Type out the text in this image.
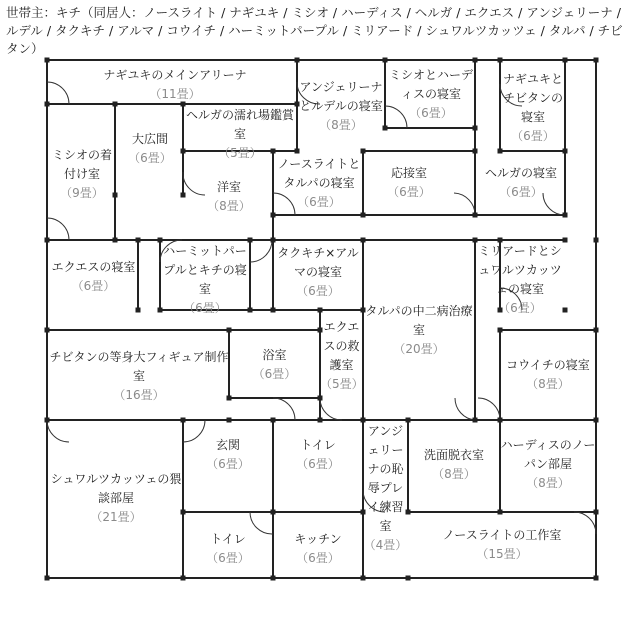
世帯主：キチ（同居人：ノースライト / ナギユキ / ミシオ / ハーディス / ヘルガ / エクエス / アンジェリーナ / ルデル / タクキチ / アルマ / コウイチ / ハーミットパープル / ミリアード / シュワルツカッツェ / タルパ / チビタン）
ナギユキのメインアリーナ
（11畳）	アンジェリーナとルデルの寝室
（8畳）
ミシオとハーディスの寝室
（6畳）
ナギユキとチビタンの寝室
（6畳）
ミシオの着付け室
（9畳）
大広間
（6畳）
ヘルガの濡れ場鑑賞室
（5畳）
洋室
（8畳）
ノースライトとタルパの寝室
（6畳）
応接室
（6畳）
ヘルガの寝室
（6畳）
エクエスの寝室
（6畳）
ハーミットパープルとキチの寝室
（6畳）
タクキチ×アルマの寝室
（6畳）
ミリアードとシュワルツカッツェの寝室
（6畳）
タルパの中二病治療室
（20畳）
チビタンの等身大フィギュア制作室
（16畳）
浴室
（6畳）
エクエスの救護室
（5畳）
コウイチの寝室
（8畳）
シュワルツカッツェの猥談部屋
（21畳）
玄関
（6畳）
トイレ
（6畳）
アンジェリーナの恥辱プレイ練習室
（4畳）
洗面脱衣室
（8畳）
ハーディスのノーパン部屋
（8畳）
トイレ
（6畳）
キッチン
（6畳）
ノースライトの工作室
（15畳）
